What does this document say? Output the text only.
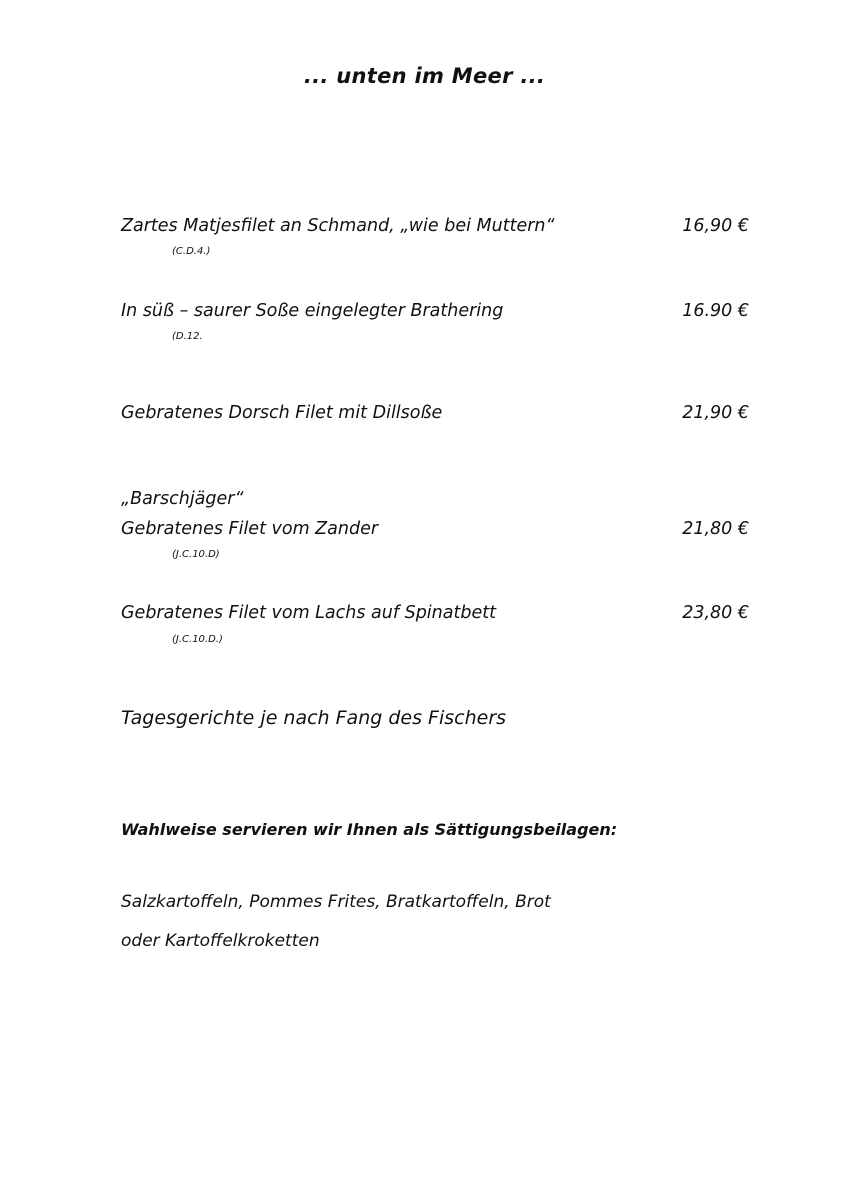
... unten im Meer ...
Zartes Matjesfilet an Schmand, „wie bei Muttern“	16,90 €
(C.D.4.)
In süß – saurer Soße eingelegter Brathering	16.90 €
(D.12.
Gebratenes Dorsch Filet mit Dillsoße	21,90 €
„Barschjäger“
Gebratenes Filet vom Zander	21,80 €
(J.C.10.D)
Gebratenes Filet vom Lachs auf Spinatbett	23,80 €
(J.C.10.D.)
Tagesgerichte je nach Fang des Fischers
Wahlweise servieren wir Ihnen als Sättigungsbeilagen:
Salzkartoffeln, Pommes Frites, Bratkartoffeln, Brot
oder Kartoffelkroketten
